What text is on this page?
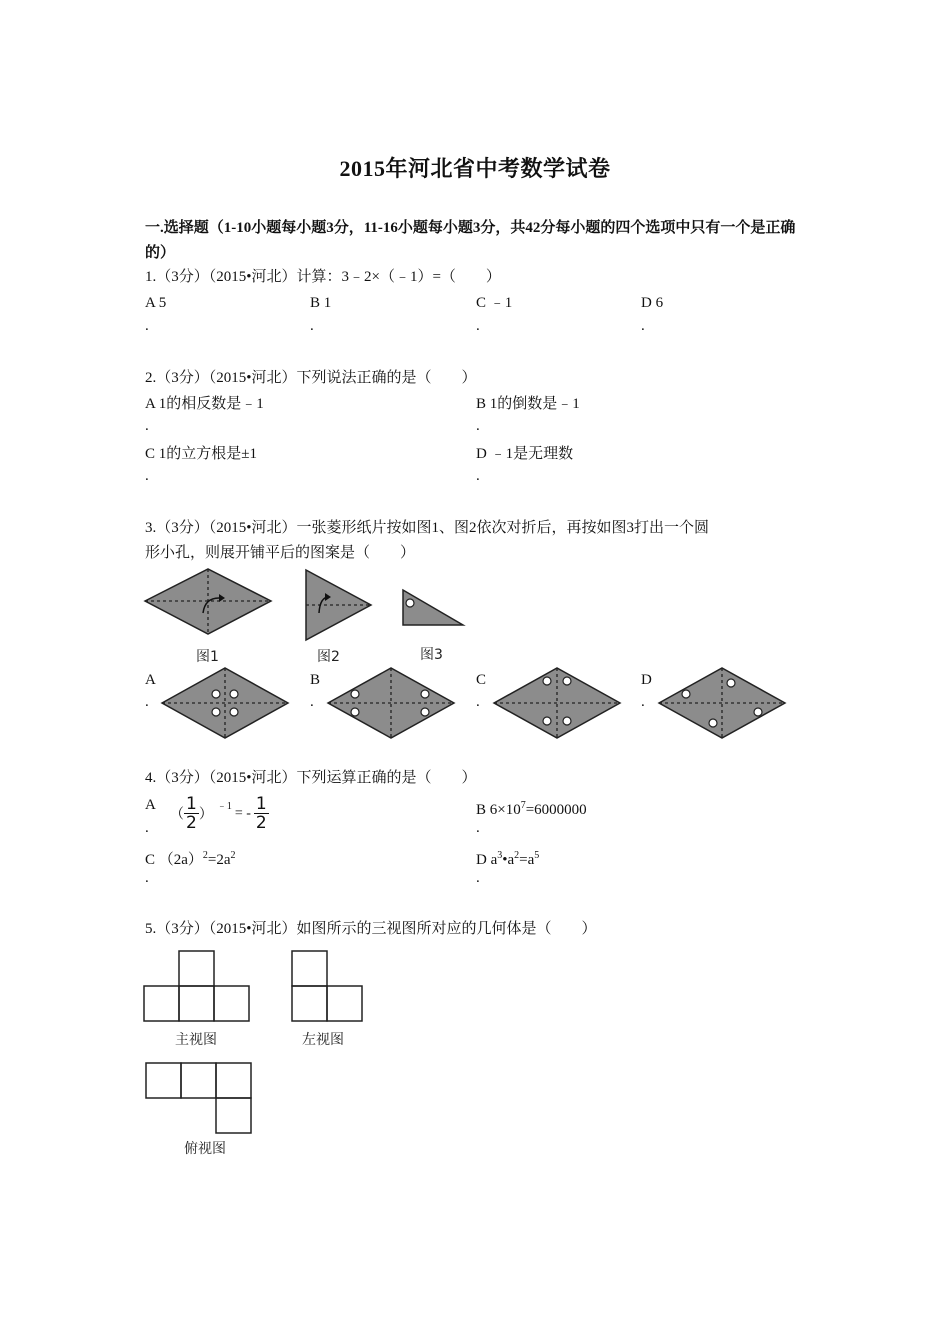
2015年河北省中考数学试卷
一.选择题（1-10小题每小题3分，11-16小题每小题3分，共42分每小题的四个选项中只有一个是正确的）
1.（3分）（2015•河北）计算：3﹣2×（﹣1）=（　　）
A 5	B 1	C ﹣1	D 6
.	.	.	.
2.（3分）（2015•河北）下列说法正确的是（　　）
A 1的相反数是﹣1	B 1的倒数是﹣1
.	.
C 1的立方根是±1	D ﹣1是无理数
.	.
3.（3分）（2015•河北）一张菱形纸片按如图1、图2依次对折后，再按如图3打出一个圆
形小孔，则展开铺平后的图案是（　　）
图1	图2	图3
A	B	C	D
.	.	.	.
4.（3分）（2015•河北）下列运算正确的是（　　）
A
（ $\frac{1}{2} )^{﹣1}$ = - $\frac{1}{2}$
.
B $6\times 10^7=6000000$
.
C $(2a)^2=2a^2$
.
D $a^3•a^2=a^5$
.
5.（3分）（2015•河北）如图所示的三视图所对应的几何体是（　　）
主视图	左视图
俯视图
